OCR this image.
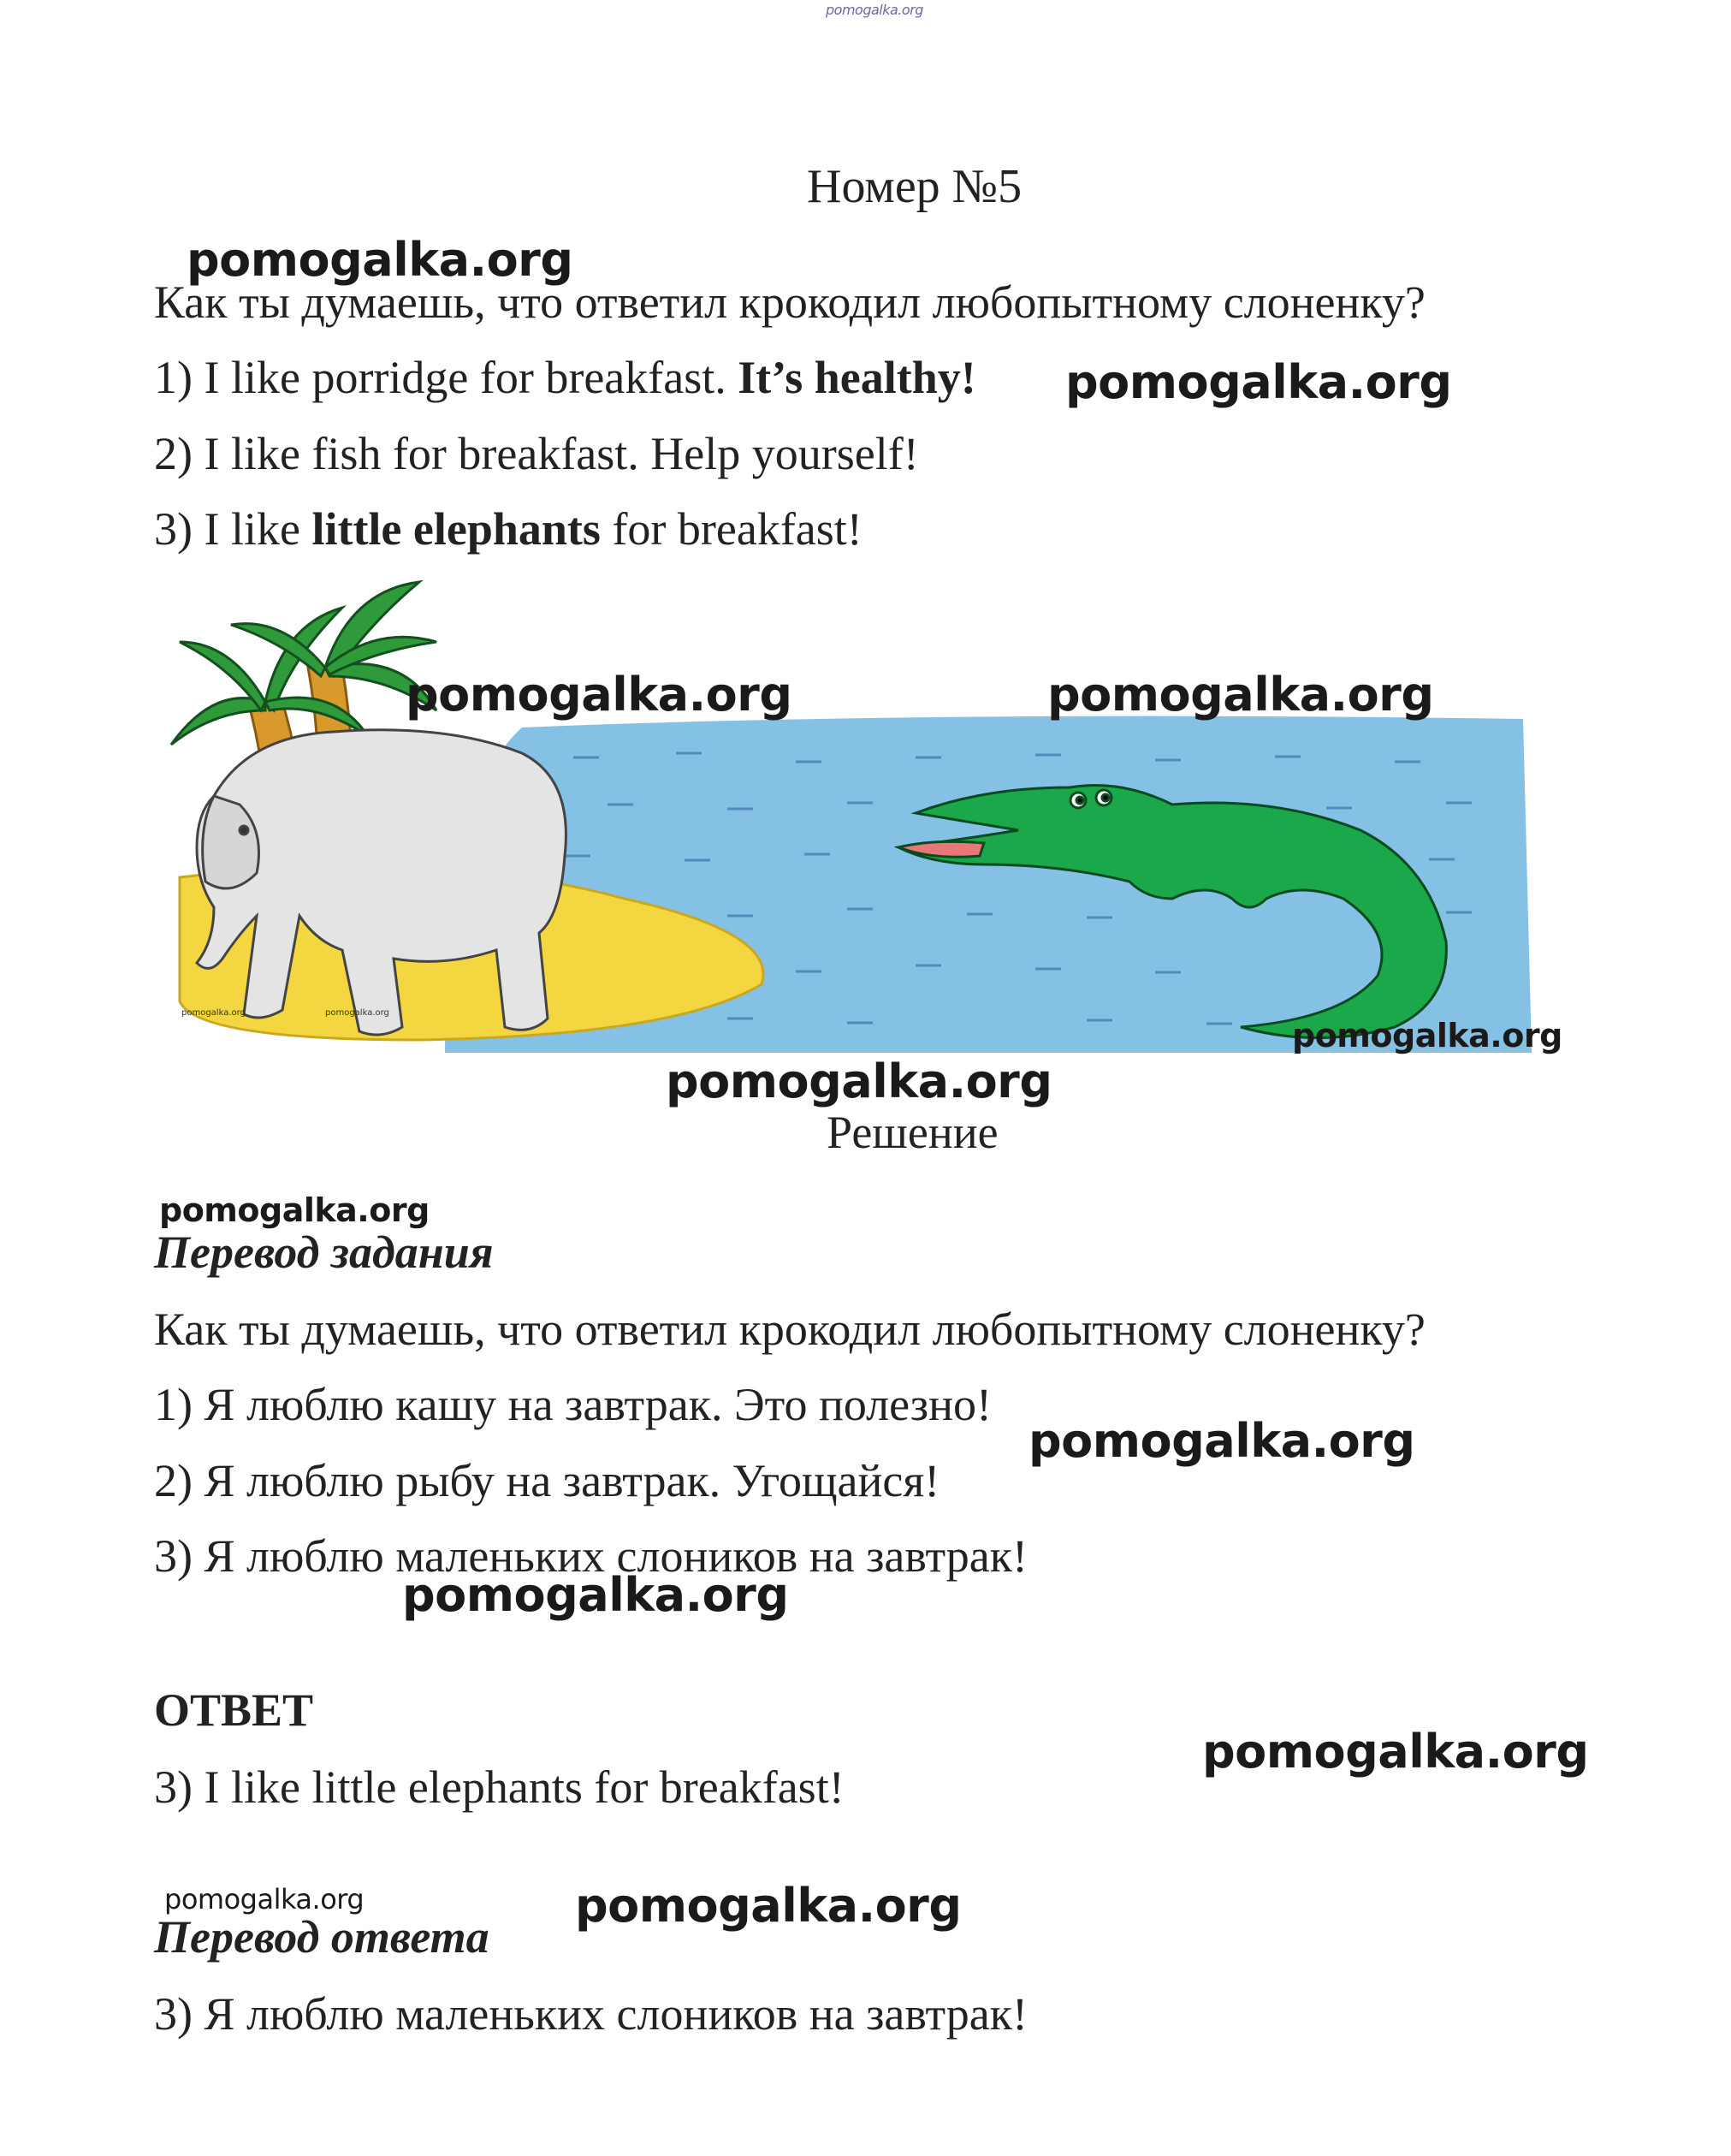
pomogalka.org
Номер №5
Как ты думаешь, что ответил крокодил любопытному слоненку?
1) I like porridge for breakfast. It’s healthy!
2) I like fish for breakfast. Help yourself!
3) I like little elephants for breakfast!
pomogalka.org	pomogalka.org
Решение
Перевод задания
Как ты думаешь, что ответил крокодил любопытному слоненку?
1) Я люблю кашу на завтрак. Это полезно!
2) Я люблю рыбу на завтрак. Угощайся!
3) Я люблю маленьких слоников на завтрак!
ОТВЕТ
3) I like little elephants for breakfast!
Перевод ответа
3) Я люблю маленьких слоников на завтрак!
pomogalka.org
pomogalka.org
pomogalka.org	pomogalka.org
pomogalka.org
pomogalka.org
pomogalka.org
pomogalka.org
pomogalka.org
pomogalka.org
pomogalka.org	pomogalka.org
